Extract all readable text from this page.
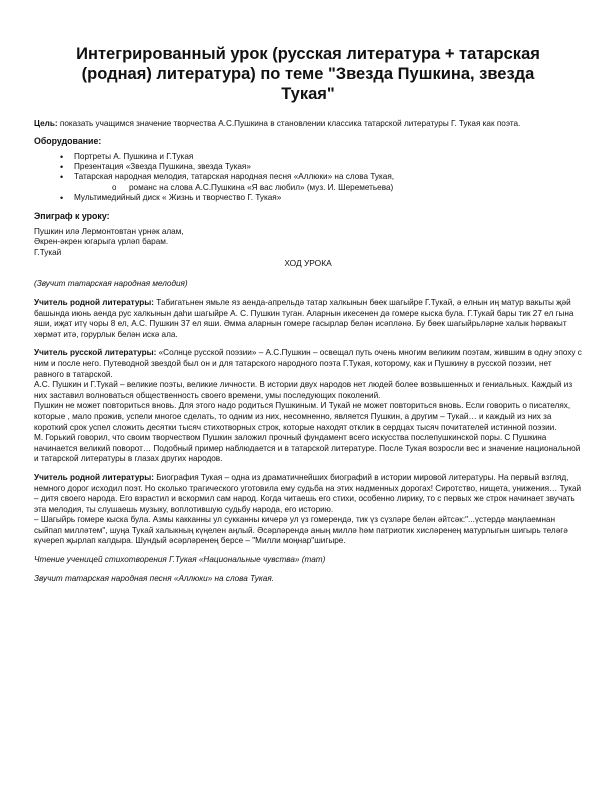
Интегрированный урок (русская литература + татарская (родная) литература) по теме "Звезда Пушкина, звезда Тукая"
Цель: показать учащимся значение творчества А.С.Пушкина в становлении классика татарской литературы Г. Тукая как поэта.
Оборудование:
• Портреты А. Пушкина и Г.Тукая
• Презентация «Звезда Пушкина, звезда Тукая»
• Татарская народная мелодия, татарская народная песня «Аллюки» на слова Тукая,
o романс на слова А.С.Пушкина «Я вас любил» (муз. И. Шереметьева)
• Мультимедийный диск « Жизнь и творчество Г. Тукая»
Эпиграф к уроку:
Пушкин илә Лермонтовтан үрнәк алам,
Әкрен-әкрен югарыга үрләп барам.
Г.Тукай
ХОД УРОКА
(Звучит татарская народная мелодия)
Учитель родной литературы: Табигатьнен ямьле яз аенда-апрельдә татар халкынын бөек шагыйре Г.Тукай, ә елнын иң матур вакыты җәй башында июнь аенда рус халкынын даһи шагыйре А. С. Пушкин туган. Аларнын икесенен дә гомере кыска була. Г.Тукай бары тик 27 ел гына яши, иҗат итү чоры 8 ел, А.С. Пушкин 37 ел яши. Әмма аларнын гомере гасырлар белән исәпләнә. Бу бөек шагыйрьләрне халык һәрвакыт хөрмәт итә, горурлык белән искә ала.
Учитель русской литературы: «Солнце русской поэзии» – А.С.Пушкин – освещал путь очень многим великим поэтам, жившим в одну эпоху с ним и после него. Путеводной звездой был он и для татарского народного поэта Г.Тукая, которому, как и Пушкину в русской поэзии, нет равного в татарской.
А.С. Пушкин и Г.Тукай – великие поэты, великие личности. В истории двух народов нет людей более возвышенных и гениальных. Каждый из них заставил волноваться общественность своего времени, умы последующих поколений.
Пушкин не может повториться вновь. Для этого надо родиться Пушкиным. И Тукай не может повториться вновь. Если говорить о писателях, которые , мало прожив, успели многое сделать, то одним из них, несомненно, является Пушкин, а другим – Тукай… и каждый из них за короткий срок успел сложить десятки тысяч стихотворных строк, которые находят отклик в сердцах тысяч почитателей истинной поэзии.
М. Горький говорил, что своим творчеством Пушкин заложил прочный фундамент всего искусства послепушкинской поры. С Пушкина начинается великий поворот… Подобный пример наблюдается и в татарской литературе. После Тукая возросли вес и значение национальной и татарской литературы в глазах других народов.
Учитель родной литературы: Биография Тукая – одна из драматичнейших биографий в истории мировой литературы. На первый взгляд, немного дорог исходил поэт. Но сколько трагического уготовила ему судьба на этих надменных дорогах! Сиротство, нищета, унижения… Тукай – дитя своего народа. Его взрастил и вскормил сам народ. Когда читаешь его стихи, особенно лирику, то с первых же строк начинает звучать эта мелодия, ты слушаешь музыку, воплотившую судьбу народа, его историю.
– Шагыйрь гомере кыска була. Азмы какканны ул сукканны кичерә ул үз гомерендә, тик үз сүзләре белән әйтсәк:"...үстердә маңлаемнан сыйпап милләтем", шуңа Тукай халыкның күңелен аңлый. Әсәрләрендә аның миллә һәм патриотик хисләренең матурлыгын шигырь теләгә күчереп җырлап калдыра. Шундый әсәрләренең берсе – "Милли моңнар"шигыре.
Чтение ученицей стихотворения Г.Тукая «Национальные чувства» (тат)
Звучит татарская народная песня «Аллюки» на слова Тукая.
